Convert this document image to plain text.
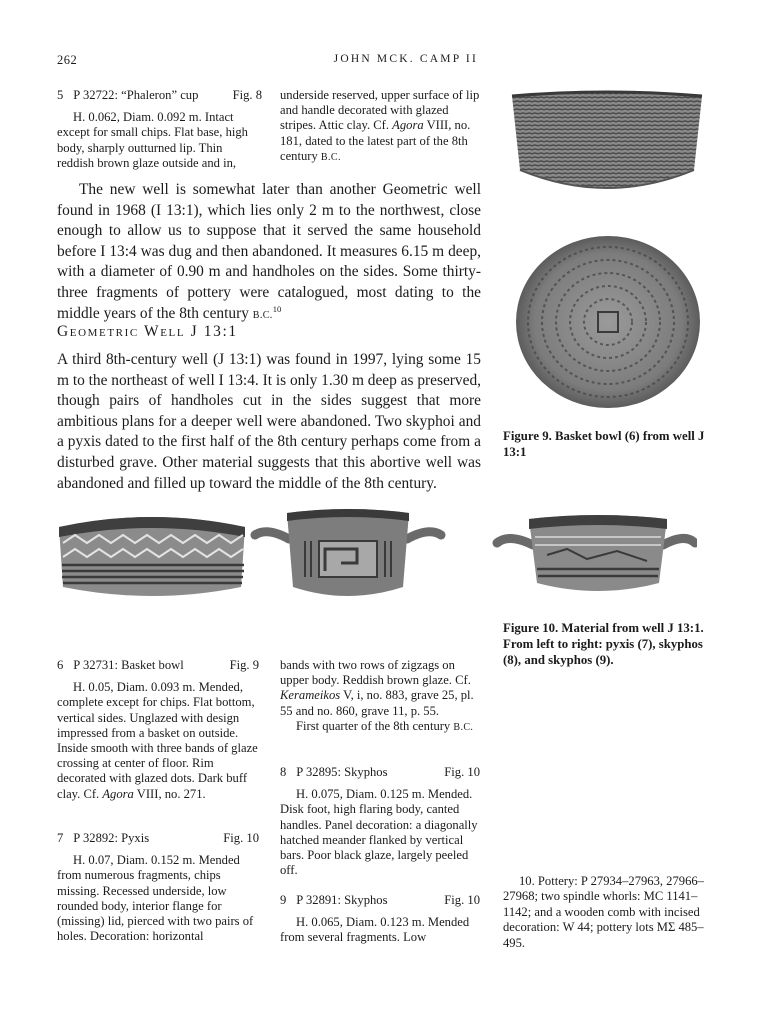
262	JOHN MCK. CAMP II
5 P 32722: “Phaleron” cup	Fig. 8

H. 0.062, Diam. 0.092 m. Intact except for small chips. Flat base, high body, sharply outturned lip. Thin reddish brown glaze outside and in,

underside reserved, upper surface of lip and handle decorated with glazed stripes. Attic clay. Cf. Agora VIII, no. 181, dated to the latest part of the 8th century B.C.

The new well is somewhat later than another Geometric well found in 1968 (I 13:1), which lies only 2 m to the northwest, close enough to allow us to suppose that it served the same household before I 13:4 was dug and then abandoned. It measures 6.15 m deep, with a diameter of 0.90 m and handholes on the sides. Some thirty-three fragments of pottery were catalogued, most dating to the middle years of the 8th century B.C.$^{10}$

Geometric Well J 13:1

A third 8th-century well (J 13:1) was found in 1997, lying some 15 m to the northeast of well I 13:4. It is only 1.30 m deep as preserved, though pairs of handholes cut in the sides suggest that more ambitious plans for a deeper well were abandoned. Two skyphoi and a pyxis dated to the first half of the 8th century perhaps come from a disturbed grave. Other material suggests that this abortive well was abandoned and filled up toward the middle of the 8th century.

Figure 9. Basket bowl (6) from well J 13:1
Figure 10. Material from well J 13:1. From left to right: pyxis (7), skyphos (8), and skyphos (9).
6 P 32731: Basket bowl	Fig. 9

H. 0.05, Diam. 0.093 m. Mended, complete except for chips. Flat bottom, vertical sides. Unglazed with design impressed from a basket on outside. Inside smooth with three bands of glaze crossing at center of floor. Rim decorated with glazed dots. Dark buff clay. Cf. Agora VIII, no. 271.

7 P 32892: Pyxis	Fig. 10

H. 0.07, Diam. 0.152 m. Mended from numerous fragments, chips missing. Recessed underside, low rounded body, interior flange for (missing) lid, pierced with two pairs of holes. Decoration: horizontal

bands with two rows of zigzags on upper body. Reddish brown glaze. Cf. Kerameikos V, i, no. 883, grave 25, pl. 55 and no. 860, grave 11, p. 55.

First quarter of the 8th century B.C.

8 P 32895: Skyphos	Fig. 10

H. 0.075, Diam. 0.125 m. Mended. Disk foot, high flaring body, canted handles. Panel decoration: a diagonally hatched meander flanked by vertical bars. Poor black glaze, largely peeled off.

9 P 32891: Skyphos	Fig. 10

H. 0.065, Diam. 0.123 m. Mended from several fragments. Low

10. Pottery: P 27934–27963, 27966–27968; two spindle whorls: MC 1141–1142; and a wooden comb with incised decoration: W 44; pottery lots ΜΣ 485–495.
